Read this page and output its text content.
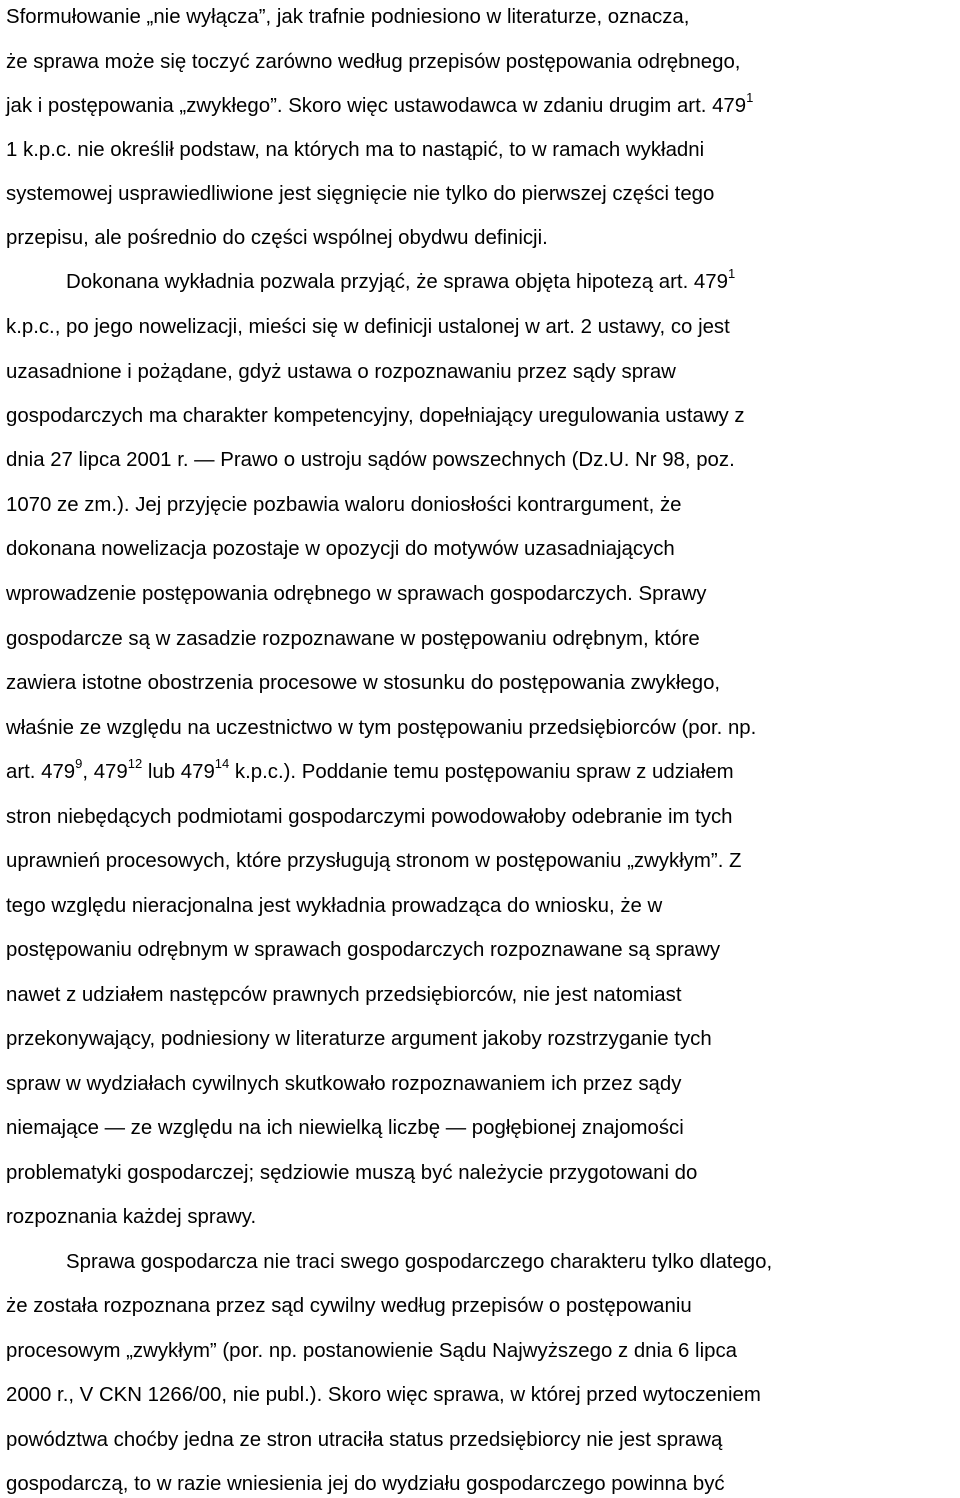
Sformułowanie „nie wyłącza”, jak trafnie podniesiono w literaturze, oznacza,
że sprawa może się toczyć zarówno według przepisów postępowania odrębnego,
jak i postępowania „zwykłego”. Skoro więc ustawodawca w zdaniu drugim art. $479^1$
1 k.p.c. nie określił podstaw, na których ma to nastąpić, to w ramach wykładni
systemowej usprawiedliwione jest sięgnięcie nie tylko do pierwszej części tego
przepisu, ale pośrednio do części wspólnej obydwu definicji.
Dokonana wykładnia pozwala przyjąć, że sprawa objęta hipotezą art. $479^1$
k.p.c., po jego nowelizacji, mieści się w definicji ustalonej w art. 2 ustawy, co jest
uzasadnione i pożądane, gdyż ustawa o rozpoznawaniu przez sądy spraw
gospodarczych ma charakter kompetencyjny, dopełniający uregulowania ustawy z
dnia 27 lipca 2001 r. ― Prawo o ustroju sądów powszechnych (Dz.U. Nr 98, poz.
1070 ze zm.). Jej przyjęcie pozbawia waloru doniosłości kontrargument, że
dokonana nowelizacja pozostaje w opozycji do motywów uzasadniających
wprowadzenie postępowania odrębnego w sprawach gospodarczych. Sprawy
gospodarcze są w zasadzie rozpoznawane w postępowaniu odrębnym, które
zawiera istotne obostrzenia procesowe w stosunku do postępowania zwykłego,
właśnie ze względu na uczestnictwo w tym postępowaniu przedsiębiorców (por. np.
art. $479^9$, $479^{12}$ lub $479^{14}$ k.p.c.). Poddanie temu postępowaniu spraw z udziałem
stron niebędących podmiotami gospodarczymi powodowałoby odebranie im tych
uprawnień procesowych, które przysługują stronom w postępowaniu „zwykłym”. Z
tego względu nieracjonalna jest wykładnia prowadząca do wniosku, że w
postępowaniu odrębnym w sprawach gospodarczych rozpoznawane są sprawy
nawet z udziałem następców prawnych przedsiębiorców, nie jest natomiast
przekonywający, podniesiony w literaturze argument jakoby rozstrzyganie tych
spraw w wydziałach cywilnych skutkowało rozpoznawaniem ich przez sądy
niemające ― ze względu na ich niewielką liczbę ― pogłębionej znajomości
problematyki gospodarczej; sędziowie muszą być należycie przygotowani do
rozpoznania każdej sprawy.
Sprawa gospodarcza nie traci swego gospodarczego charakteru tylko dlatego,
że została rozpoznana przez sąd cywilny według przepisów o postępowaniu
procesowym „zwykłym” (por. np. postanowienie Sądu Najwyższego z dnia 6 lipca
2000 r., V CKN 1266/00, nie publ.). Skoro więc sprawa, w której przed wytoczeniem
powództwa choćby jedna ze stron utraciła status przedsiębiorcy nie jest sprawą
gospodarczą, to w razie wniesienia jej do wydziału gospodarczego powinna być
